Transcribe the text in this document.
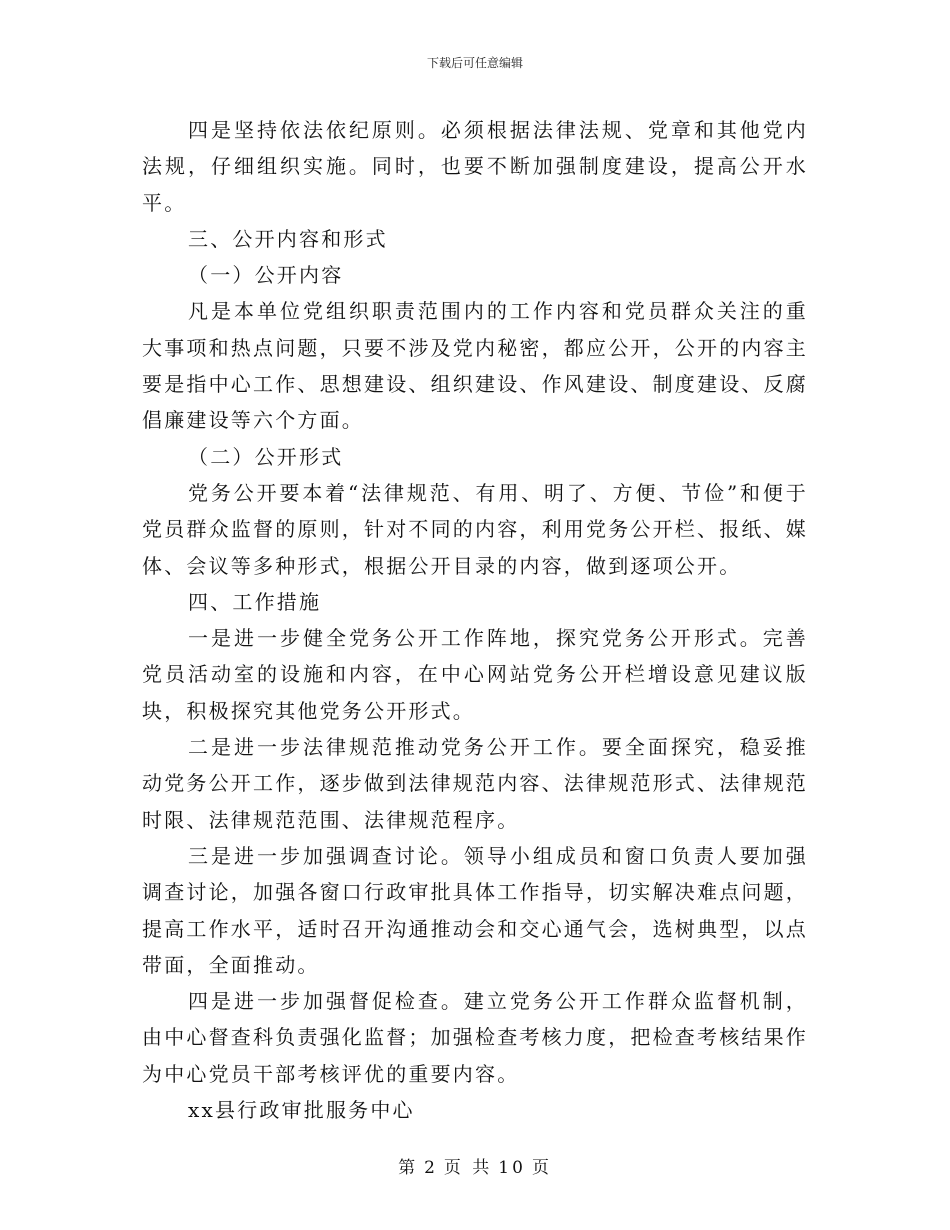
下载后可任意编辑

四是坚持依法依纪原则。必须根据法律法规、党章和其他党内法规，仔细组织实施。同时，也要不断加强制度建设，提高公开水平。

三、公开内容和形式

（一）公开内容

凡是本单位党组织职责范围内的工作内容和党员群众关注的重大事项和热点问题，只要不涉及党内秘密，都应公开，公开的内容主要是指中心工作、思想建设、组织建设、作风建设、制度建设、反腐倡廉建设等六个方面。

（二）公开形式

党务公开要本着“法律规范、有用、明了、方便、节俭”和便于党员群众监督的原则，针对不同的内容，利用党务公开栏、报纸、媒体、会议等多种形式，根据公开目录的内容，做到逐项公开。

四、工作措施

一是进一步健全党务公开工作阵地，探究党务公开形式。完善党员活动室的设施和内容，在中心网站党务公开栏增设意见建议版块，积极探究其他党务公开形式。

二是进一步法律规范推动党务公开工作。要全面探究，稳妥推动党务公开工作，逐步做到法律规范内容、法律规范形式、法律规范时限、法律规范范围、法律规范程序。

三是进一步加强调查讨论。领导小组成员和窗口负责人要加强调查讨论，加强各窗口行政审批具体工作指导，切实解决难点问题，提高工作水平，适时召开沟通推动会和交心通气会，选树典型，以点带面，全面推动。

四是进一步加强督促检查。建立党务公开工作群众监督机制，由中心督查科负责强化监督；加强检查考核力度，把检查考核结果作为中心党员干部考核评优的重要内容。

xx县行政审批服务中心

第 2 页 共 10 页
